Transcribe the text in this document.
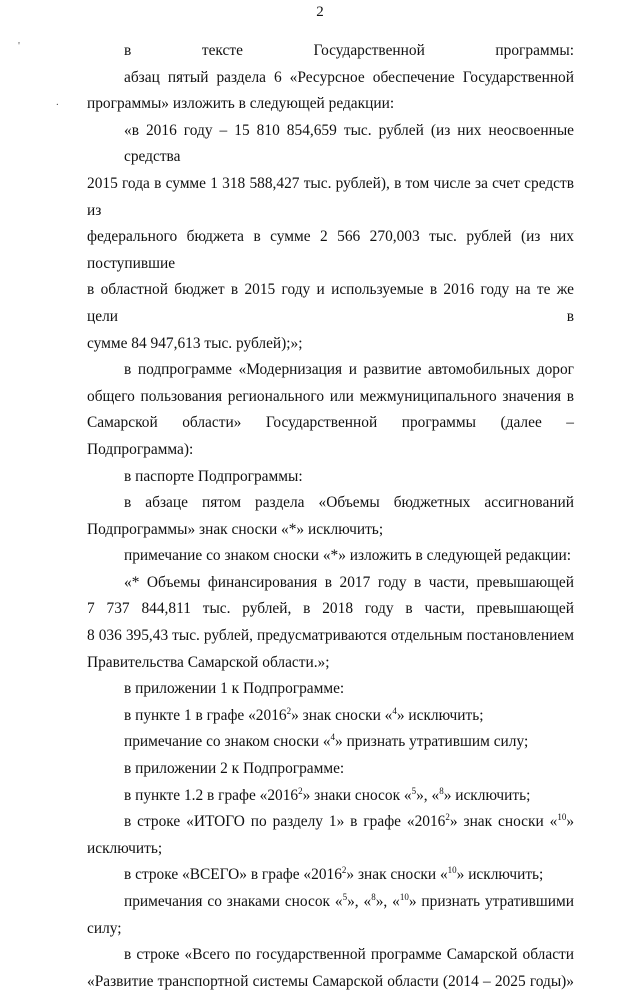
2
'
.

в тексте Государственной программы:

абзац пятый раздела 6 «Ресурсное обеспечение Государственной

программы» изложить в следующей редакции:

«в 2016 году – 15 810 854,659 тыс. рублей (из них неосвоенные средства

2015 года в сумме 1 318 588,427 тыс. рублей), в том числе за счет средств из

федерального бюджета в сумме 2 566 270,003 тыс. рублей (из них поступившие

в областной бюджет в 2015 году и используемые в 2016 году на те же цели в

сумме 84 947,613 тыс. рублей);»;

в подпрограмме «Модернизация и развитие автомобильных дорог

общего пользования регионального или межмуниципального значения в

Самарской области» Государственной программы (далее – Подпрограмма):

в паспорте Подпрограммы:

в абзаце пятом раздела «Объемы бюджетных ассигнований

Подпрограммы» знак сноски «*» исключить;

примечание со знаком сноски «*» изложить в следующей редакции:

«* Объемы финансирования в 2017 году в части, превышающей

7 737 844,811 тыс. рублей, в 2018 году в части, превышающей

8 036 395,43 тыс. рублей, предусматриваются отдельным постановлением

Правительства Самарской области.»;

в приложении 1 к Подпрограмме:

в пункте 1 в графе «2016$^2$» знак сноски «$^4$» исключить;

примечание со знаком сноски «$^4$» признать утратившим силу;

в приложении 2 к Подпрограмме:

в пункте 1.2 в графе «2016$^2$» знаки сносок «$^5$», «$^8$» исключить;

в строке «ИТОГО по разделу 1» в графе «2016$^2$» знак сноски «$^{10}$»

исключить;

в строке «ВСЕГО» в графе «2016$^2$» знак сноски «$^{10}$» исключить;

примечания со знаками сносок «$^5$», «$^8$», «$^{10}$» признать утратившими

силу;

в строке «Всего по государственной программе Самарской области

«Развитие транспортной системы Самарской области (2014 – 2025 годы)»
